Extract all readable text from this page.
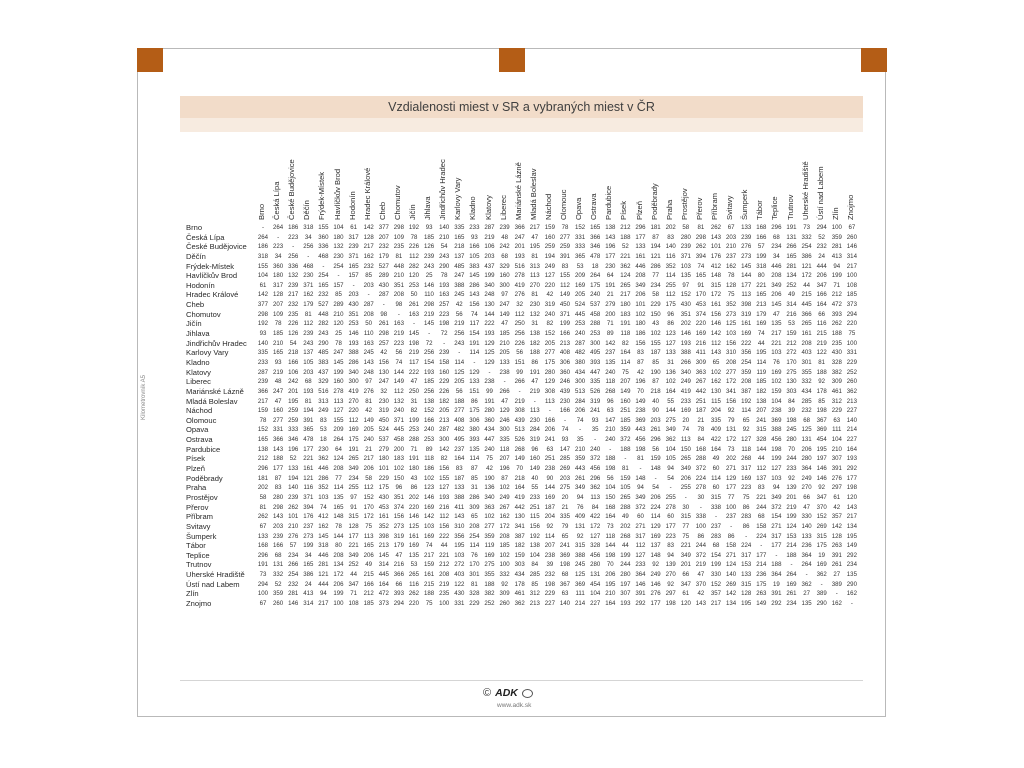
Vzdialenosti miest v SR a vybraných miest v ČR
Kilometrovník A5
Brno Česká Lípa České Budějovice Děčín Frýdek-Místek Havlíčkův Brod Hodonín Hradec Králové Cheb Chomutov Jičín Jihlava Jindřichův Hradec Karlovy Vary Kladno Klatovy Liberec Mariánské Lázně Mladá Boleslav Náchod Olomouc Opava Ostrava Pardubice Písek Plzeň Poděbrady Praha Prostějov Přerov Příbram Svitavy Šumperk Tábor Teplice Trutnov Uherské Hradiště Ústí nad Labem Zlín Znojmo
Brno	-	264 186 318 155 104	61	142 377 298 192	93	140 335 233 287 239 366 217 159	78	152 165 138 212 296 181 202	58	81	262	67	133 168 296 191	73	294 100	67
Česká Lípa	264	-	223	34	360 180 317 128 207 109	78	185 210 165	93	219	48	247	47	160 277 331 366 143 188 177	87	83	280 298 143 203 239 166	68	131 332	52	359 260
České Budějovice 186 223	-	256 336 132 239 217 232 235 226 126	54	218 166 106 242 201 195 259 259 333 346 196	52	133 194 140 239 262 101 210 276	57	234 266 254 232 281 146
Děčín	318	34	256	-	468 230 371 162 179	81	112 239 243 137 105 203	68	193	81	194 391 365 478 177 221 161 121 116 371 394 176 237 273 199	34	165 386	24	413 314
Frýdek-Místek	155 360 336 468	-	254 165 232 527 448 282 243 290 485 383 437 329 516 313 249	83	53	18	230 362 446 286 352 103	74	412 162 145 318 446 281 121 444	94	217
Havlíčkův Brod	104 180 132 230 254	-	157	85	289 210 120	25	78	247 145 199 160 278 113 127 155 209 264	64	124 208	77	114 135 165 148	78	144	80	208 134 172 206 199 100
Hodonín	61	317 239 371 165 157	-	203 430 351 253 146 193 388 286 340 300 419 270 220 112 169 175 191 265 349 234 255	97	91	315 128 177 221 349 252	44	347	71	108
Hradec Králové	142 128 217 162 232	85	203	-	287 208	50	110 163 245 143 248	97	276	81	42	149 205 240	21	217 206	58	112 152 170 172	75	113 165 206	49	215 166 212 185
Cheb	377 207 232 179 527 289 430 287	-	98	261 298 257	42	156 130 247	32	230 319 450 524 537 279 180 101 229 175 430 453 161 352 398 213 145 314 445 164 472 373
Chomutov	298 109 235	81	448 210 351 208	98	-	163 219 223	56	74	144 149 112 132 240 371 445 458 200 183 102 150	96	351 374 156 273 319 179	47	216 366	66	393 294
Jičín	192	78	226 112 282 120 253	50	261 163	-	145 198 219 117 222	47	250	31	82	199 253 288	71	191 180	43	86	202 220 146 125 161 169 135	53	265 116 262 220
Jihlava	93	185 126 239 243	25	146 110 298 219 145	-	72	256 154 193 185 256 138 152 166 240 253	89	118 186 102 123 146 169 142 103 169	74	217 159 161 215 188	75
Jindřichův Hradec 140 210	54	243 290	78	193 163 257 223 198	72	-	243 191 129 210 226 182 205 213 287 300 142	82	156 155 127 193 216 112 156 222	44	221 212 208 219 235 100
Karlovy Vary	335 165 218 137 485 247 388 245	42	56	219 256 239	-	114 125 205	56	188 277 408 482 495 237 164	83	187 133 388 411 143 310 356 195 103 272 403 122 430 331
Kladno	233	93	166 105 383 145 286 143 156	74	117 154 158 114	-	129 133 151	86	175 306 380 393 135 114	87	85	31	266 309	65	208 254 114	76	170 301	81	328 229
Klatovy	287 219 106 203 437 199 340 248 130 144 222 193 160 125 129	-	238	99	191 280 360 434 447 240	75	42	190 136 340 363 102 277 359 119 169 275 355 188 382 252
Liberec	239	48	242	68	329 160 300	97	247 149	47	185 229 205 133 238	-	266	47	129 246 300 335 118 207 196	87	102 249 267 162 172 208 185 102 130 332	92	309 260
Mariánské Lázně 366 247 201 193 516 278 419 276	32	112 250 256 226	56	151	99	266	-	219 308 439 513 526 268 149	70	218 164 419 442 130 341 387 182 159 303 434 178 461 362
Mladá Boleslav	217	47	195	81	313 113 270	81	230 132	31	138 182 188	86	191	47	219	-	113 230 284 319	96	160 149	40	55	233 251 115 156 192 138 104	84	285	85	312 213
Náchod	159 160 259 194 249 127 220	42	319 240	82	152 205 277 175 280 129 308 113	-	166 206 241	63	251 238	90	144 169 187 204	92	114 207 238	39	232 198 229 227
Olomouc	78	277 259 391	83	155 112 149 450 371 199 166 213 408 306 360 246 439 230 166	-	74	93	147 185 369 203 275	20	21	335	79	65	241 369 198	68	367	63	140
Opava	152 331 333 365	53	209 169 205 524 445 253 240 287 482 380 434 300 513 284 206	74	-	35	210 359 443 261 349	74	78	409 131	92	315 388 245 125 369 111 214
Ostrava	165 366 346 478	18	264 175 240 537 458 288 253 300 495 393 447 335 526 319 241	93	35	-	240 372 456 296 362 113	84	422 172 127 328 456 280 131 454 104 227
Pardubice	138 143 196 177 230	64	191	21	279 200	71	89	142 237 135 240 118 268	96	63	147 210 240	-	188 198	56	104 150 168 164	73	118 144 198	70	206 195 210 164
Písek	212 188	52	221 362 124 265 217 180 183 191 118	82	164 114	75	207 149 160 251 285 359 372 188	-	81	159 105 265 288	49	202 268	44	199 244 280 197 307 193
Plzeň	296 177 133 161 446 208 349 206 101 102 180 186 156	83	87	42	196	70	149 238 269 443 456 198	81	-	148	94	349 372	60	271 317 112 127 233 364 146 391 292
Poděbrady	181	87	194 121 286	77	234	58	229 150	43	102 155 187	85	190	87	218	40	90	203 261 296	56	159 148	-	54	206 224 114 129 169 137 103	92	249 146 276 177
Praha	202	83	140 116 352 114 255 112 175	96	86	123 127 133	31	136 102 164	55	144 275 349 362 104 105	94	54	-	255 278	60	177 223	83	94	139 270	92	297 198
Prostějov	58	280 239 371 103 135	97	152 430 351 202 146 193 388 286 340 249 419 233 169	20	94	113 150 265 349 206 255	-	30	315	77	75	221 349 201	66	347	61	120
Přerov	81	298 262 394	74	165	91	170 453 374 220 169 216 411 309 363 267 442 251 187	21	76	84	168 288 372 224 278	30	-	338 100	86	244 372 219	47	370	42	143
Příbram	262 143 101 176 412 148 315 172 161 156 146 142 112 143	65	102 162 130 115 204 335 409 422 164	49	60	114	60	315 338	-	237 283	68	154 199 330 152 357 217
Svitavy	67	203 210 237 162	78	128	75	352 273 125 103 156 310 208 277 172 341 156	92	79	131 172	73	202 271 129 177	77	100 237	-	86	158 271 124 140 269 142 134
Šumperk	133 239 276 273 145 144 177 113 398 319 161 169 222 356 254 359 208 387 192 114	65	92	127 118 268 317 169 223	75	86	283	86	-	224 317 153 133 315 128 195
Tábor	168 166	57	199 318	80	221 165 213 179 169	74	44	195 114 119 185 182 138 207 241 315 328 144	44	112 137	83	221 244	68	158 224	-	177 214 236 175 263 149
Teplice	296	68	234	34	446 208 349 206 145	47	135 217 221 103	76	169 102 159 104 238 369 388 456 198 199 127 148	94	349 372 154 271 317 177	-	188 364	19	391 292
Trutnov	191 131 266 165 281 134 252	49	314 216	53	159 212 272 170 275 100 303	84	39	198 245 280	70	244 233	92	139 201 219 199 124 153 214 188	-	264 169 261 234
Uherské Hradiště	73	332 254 386 121 172	44	215 445 366 265 161 208 403 301 355 332 434 285 232	68	125 131 206 280 364 249 270	66	47	330 140 133 236 364 264	-	362	27	135
Ústí nad Labem	294	52	232	24	444 206 347 166 164	66	116 215 219 122	81	188	92	178	85	198 367 369 454 195 197 146 146	92	347 370 152 269 315 175	19	169 362	-	389 290
Zlín	100 359 281 413	94	199	71	212 472 393 262 188 235 430 328 382 309 461 312 229	63	111 104 210 307 391 276 297	61	42	357 142 128 263 391 261	27	389	-	162
Znojmo	67	260 146 314 217 100 108 185 373 294 220	75	100 331 229 252 260 362 213 227 140 214 227 164 193 292 177 198 120 143 217 134 195 149 292 234 135 290 162	-
© ADK
www.adk.sk
